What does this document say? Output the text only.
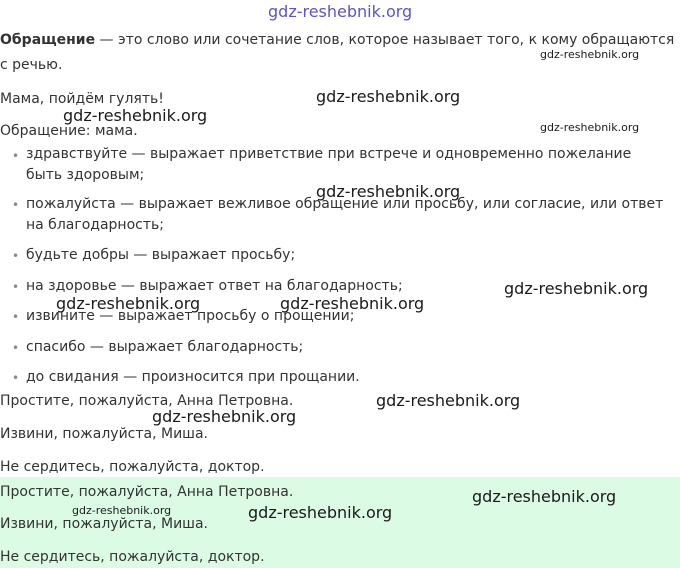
gdz-reshebnik.org
Обращение — это слово или сочетание слов, которое называет того, к кому обращаются
с речью.
Мама, пойдём гулять!
Обращение: мама.
• здравствуйте — выражает приветствие при встрече и одновременно пожелание
быть здоровым;
• пожалуйста — выражает вежливое обращение или просьбу, или согласие, или ответ
на благодарность;
• будьте добры — выражает просьбу;
• на здоровье — выражает ответ на благодарность;
• извините — выражает просьбу о прощении;
• спасибо — выражает благодарность;
• до свидания — произносится при прощании.
Простите, пожалуйста, Анна Петровна.
Извини, пожалуйста, Миша.
Не сердитесь, пожалуйста, доктор.
Простите, пожалуйста, Анна Петровна.
Извини, пожалуйста, Миша.
Не сердитесь, пожалуйста, доктор.
gdz-reshebnik.org
gdz-reshebnik.org
gdz-reshebnik.org
gdz-reshebnik.org
gdz-reshebnik.org
gdz-reshebnik.org
gdz-reshebnik.org	gdz-reshebnik.org
gdz-reshebnik.org
gdz-reshebnik.org
gdz-reshebnik.org
gdz-reshebnik.org	gdz-reshebnik.org
